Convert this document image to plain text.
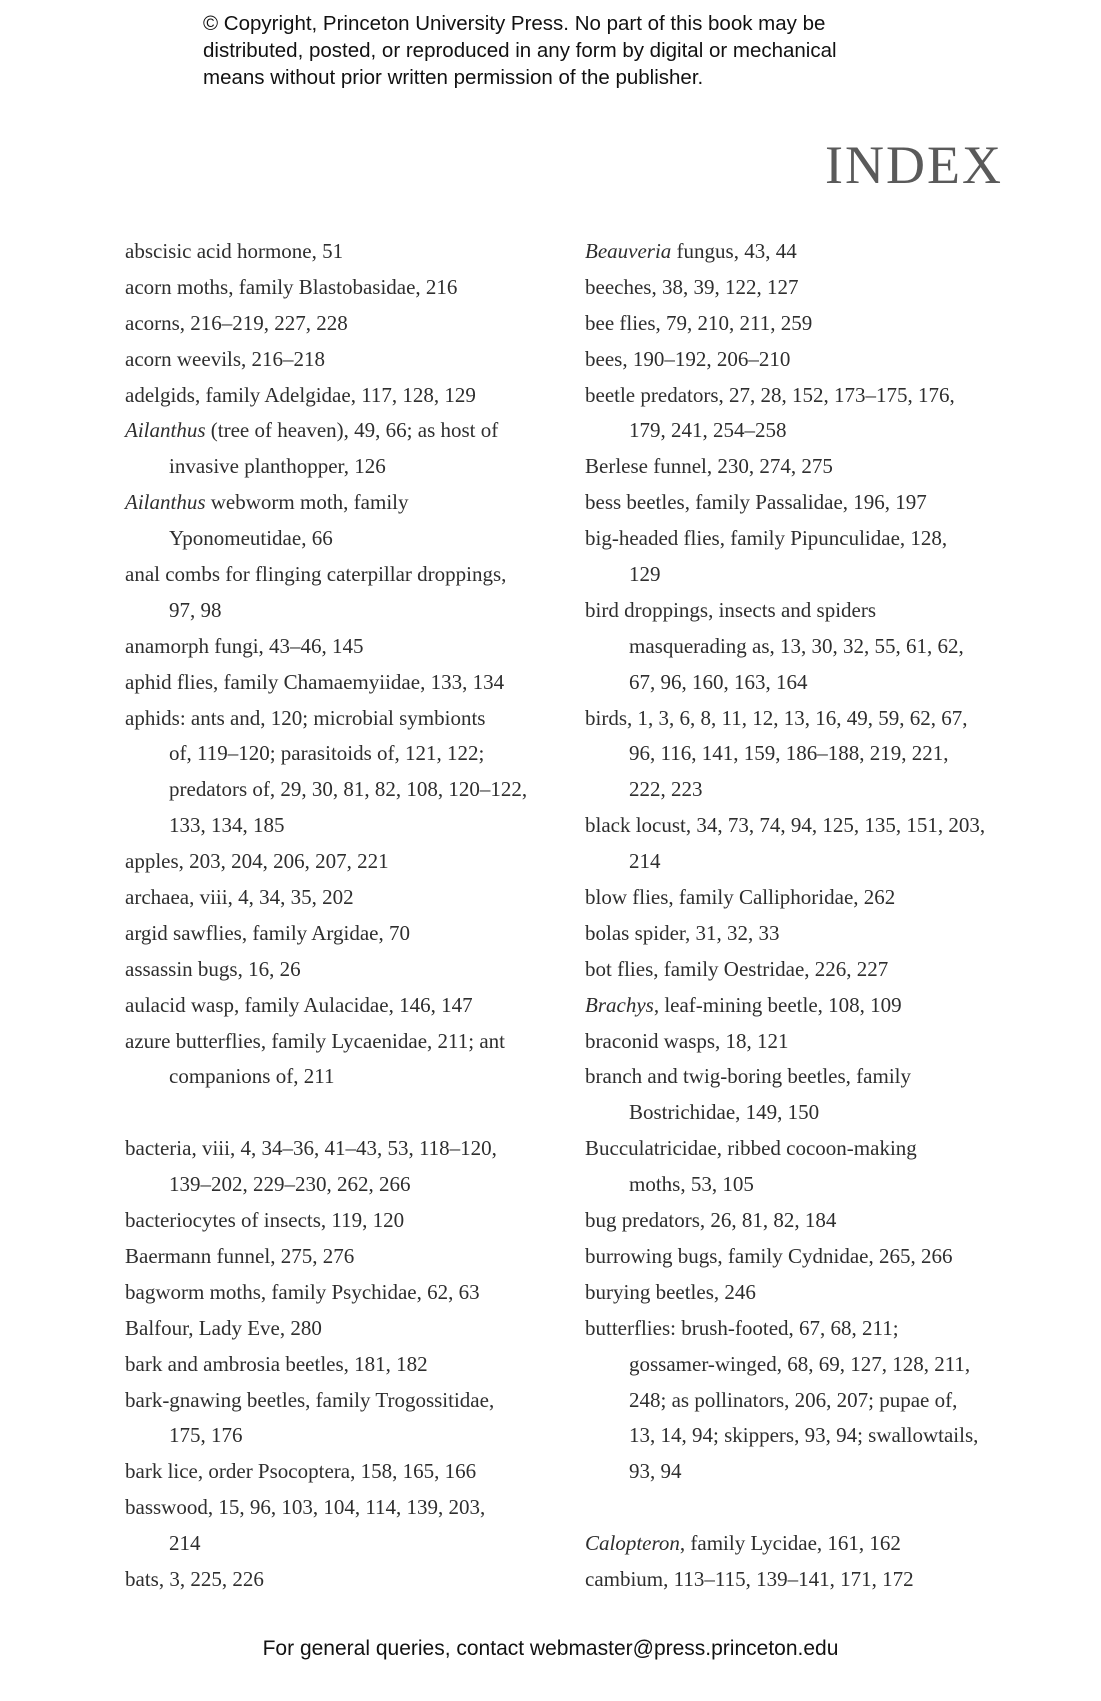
© Copyright, Princeton University Press. No part of this book may be
distributed, posted, or reproduced in any form by digital or mechanical
means without prior written permission of the publisher.
INDEX
abscisic acid hormone, 51
acorn moths, family Blastobasidae, 216
acorns, 216–219, 227, 228
acorn weevils, 216–218
adelgids, family Adelgidae, 117, 128, 129
Ailanthus (tree of heaven), 49, 66; as host of
invasive planthopper, 126
Ailanthus webworm moth, family
Yponomeutidae, 66
anal combs for flinging caterpillar droppings,
97, 98
anamorph fungi, 43–46, 145
aphid flies, family Chamaemyiidae, 133, 134
aphids: ants and, 120; microbial symbionts
of, 119–120; parasitoids of, 121, 122;
predators of, 29, 30, 81, 82, 108, 120–122,
133, 134, 185
apples, 203, 204, 206, 207, 221
archaea, viii, 4, 34, 35, 202
argid sawflies, family Argidae, 70
assassin bugs, 16, 26
aulacid wasp, family Aulacidae, 146, 147
azure butterflies, family Lycaenidae, 211; ant
companions of, 211
bacteria, viii, 4, 34–36, 41–43, 53, 118–120,
139–202, 229–230, 262, 266
bacteriocytes of insects, 119, 120
Baermann funnel, 275, 276
bagworm moths, family Psychidae, 62, 63
Balfour, Lady Eve, 280
bark and ambrosia beetles, 181, 182
bark-gnawing beetles, family Trogossitidae,
175, 176
bark lice, order Psocoptera, 158, 165, 166
basswood, 15, 96, 103, 104, 114, 139, 203,
214
bats, 3, 225, 226
Beauveria fungus, 43, 44
beeches, 38, 39, 122, 127
bee flies, 79, 210, 211, 259
bees, 190–192, 206–210
beetle predators, 27, 28, 152, 173–175, 176,
179, 241, 254–258
Berlese funnel, 230, 274, 275
bess beetles, family Passalidae, 196, 197
big-headed flies, family Pipunculidae, 128,
129
bird droppings, insects and spiders
masquerading as, 13, 30, 32, 55, 61, 62,
67, 96, 160, 163, 164
birds, 1, 3, 6, 8, 11, 12, 13, 16, 49, 59, 62, 67,
96, 116, 141, 159, 186–188, 219, 221,
222, 223
black locust, 34, 73, 74, 94, 125, 135, 151, 203,
214
blow flies, family Calliphoridae, 262
bolas spider, 31, 32, 33
bot flies, family Oestridae, 226, 227
Brachys, leaf-mining beetle, 108, 109
braconid wasps, 18, 121
branch and twig-boring beetles, family
Bostrichidae, 149, 150
Bucculatricidae, ribbed cocoon-making
moths, 53, 105
bug predators, 26, 81, 82, 184
burrowing bugs, family Cydnidae, 265, 266
burying beetles, 246
butterflies: brush-footed, 67, 68, 211;
gossamer-winged, 68, 69, 127, 128, 211,
248; as pollinators, 206, 207; pupae of,
13, 14, 94; skippers, 93, 94; swallowtails,
93, 94
Calopteron, family Lycidae, 161, 162
cambium, 113–115, 139–141, 171, 172
For general queries, contact webmaster@press.princeton.edu
